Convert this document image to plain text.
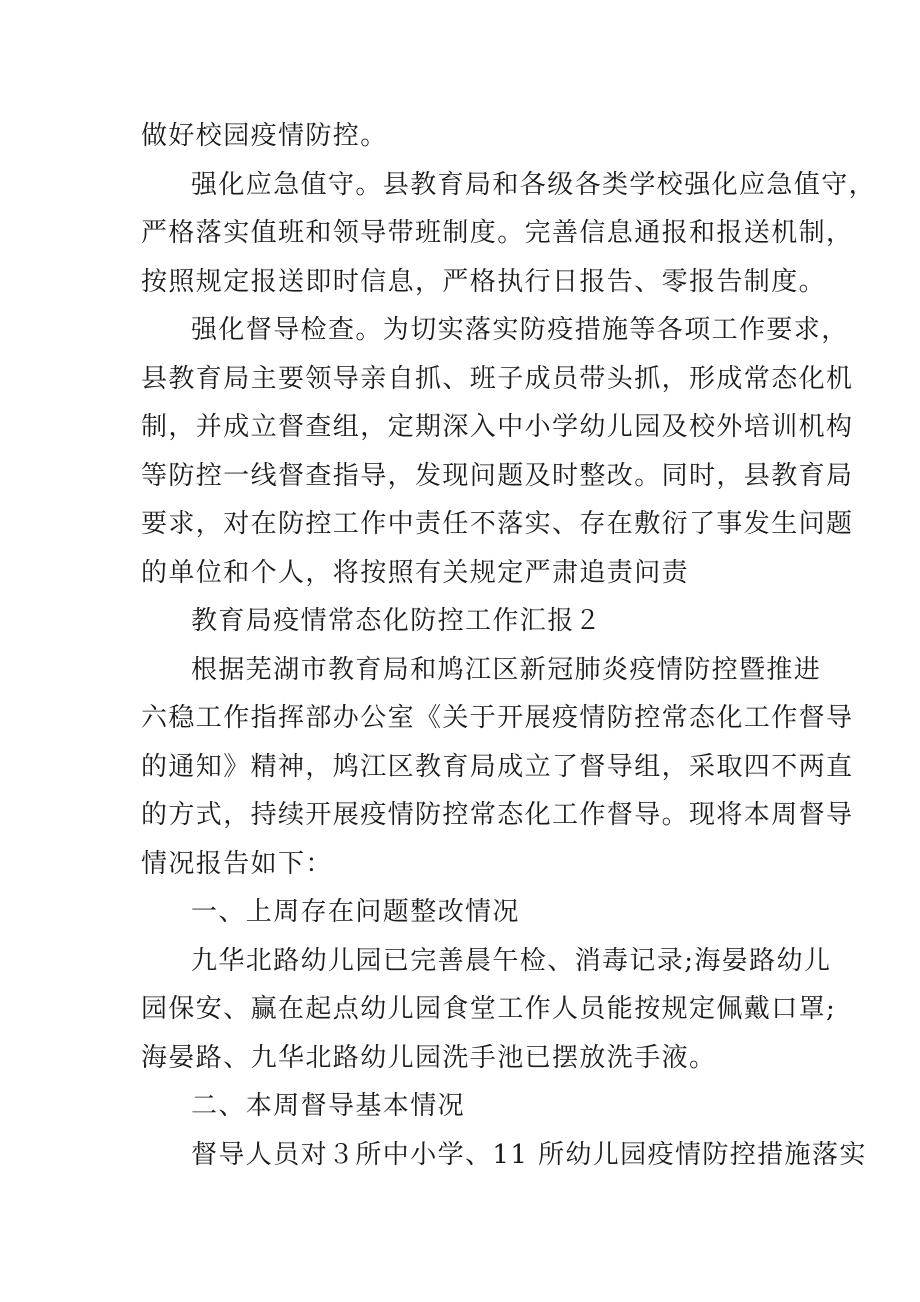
做好校园疫情防控。
强化应急值守。县教育局和各级各类学校强化应急值守，
严格落实值班和领导带班制度。完善信息通报和报送机制，
按照规定报送即时信息，严格执行日报告、零报告制度。
强化督导检查。为切实落实防疫措施等各项工作要求，
县教育局主要领导亲自抓、班子成员带头抓，形成常态化机
制，并成立督查组，定期深入中小学幼儿园及校外培训机构
等防控一线督查指导，发现问题及时整改。同时，县教育局
要求，对在防控工作中责任不落实、存在敷衍了事发生问题
的单位和个人，将按照有关规定严肃追责问责
教育局疫情常态化防控工作汇报２
根据芜湖市教育局和鸠江区新冠肺炎疫情防控暨推进
六稳工作指挥部办公室《关于开展疫情防控常态化工作督导
的通知》精神，鸠江区教育局成立了督导组，采取四不两直
的方式，持续开展疫情防控常态化工作督导。现将本周督导
情况报告如下：
一、上周存在问题整改情况
九华北路幼儿园已完善晨午检、消毒记录;海晏路幼儿
园保安、赢在起点幼儿园食堂工作人员能按规定佩戴口罩;
海晏路、九华北路幼儿园洗手池已摆放洗手液。
二、本周督导基本情况
督导人员对３所中小学、11 所幼儿园疫情防控措施落实
